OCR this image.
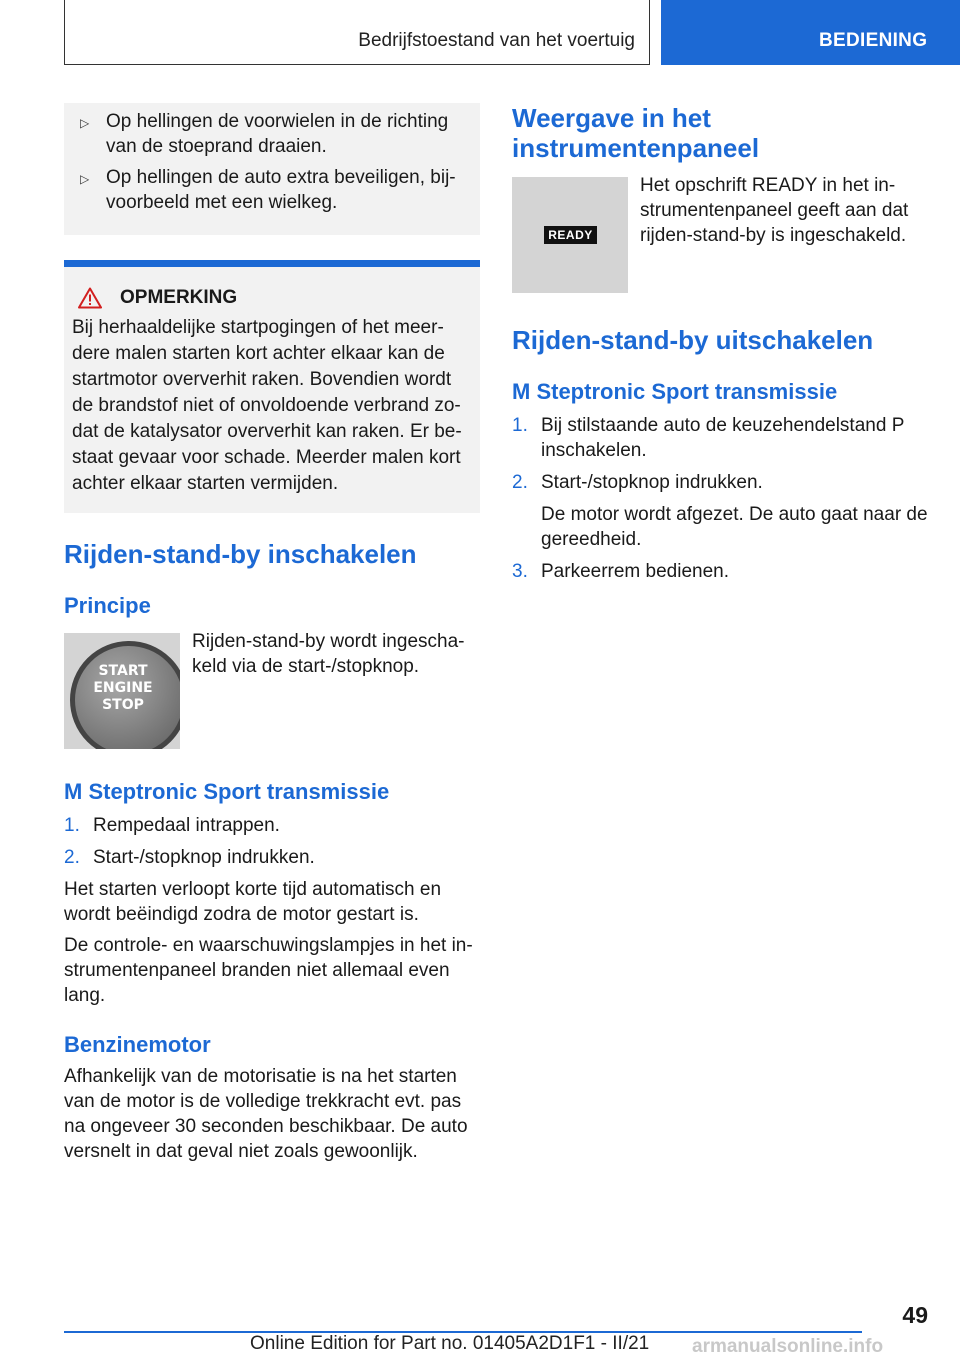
Bedrijfstoestand van het voertuig	BEDIENING
▷ Op hellingen de voorwielen in de richting van de stoeprand draaien.
▷ Op hellingen de auto extra beveiligen, bijvoorbeeld met een wielkeg.
OPMERKING
Bij herhaaldelijke startpogingen of het meerdere malen starten kort achter elkaar kan de startmotor oververhit raken. Bovendien wordt de brandstof niet of onvoldoende verbrand zodat de katalysator oververhit kan raken. Er bestaat gevaar voor schade. Meerder malen kort achter elkaar starten vermijden.
Rijden-stand-by inschakelen
Principe
START ENGINE STOP
Rijden-stand-by wordt ingeschakeld via de start-/stopknop.
M Steptronic Sport transmissie
1. Rempedaal intrappen.
2. Start-/stopknop indrukken.

Het starten verloopt korte tijd automatisch en wordt beëindigd zodra de motor gestart is.

De controle- en waarschuwingslampjes in het instrumentenpaneel branden niet allemaal even lang.

Benzinemotor

Afhankelijk van de motorisatie is na het starten van de motor is de volledige trekkracht evt. pas na ongeveer 30 seconden beschikbaar. De auto versnelt in dat geval niet zoals gewoonlijk.

Weergave in het instrumentenpaneel
READY
Het opschrift READY in het instrumentenpaneel geeft aan dat rijden-stand-by is ingeschakeld.
Rijden-stand-by uitschakelen
M Steptronic Sport transmissie
1. Bij stilstaande auto de keuzehendelstand P inschakelen.
2. Start-/stopknop indrukken.
De motor wordt afgezet. De auto gaat naar de gereedheid.
3. Parkeerrem bedienen.
49
Online Edition for Part no. 01405A2D1F1 - II/21 armanualsonline.info
